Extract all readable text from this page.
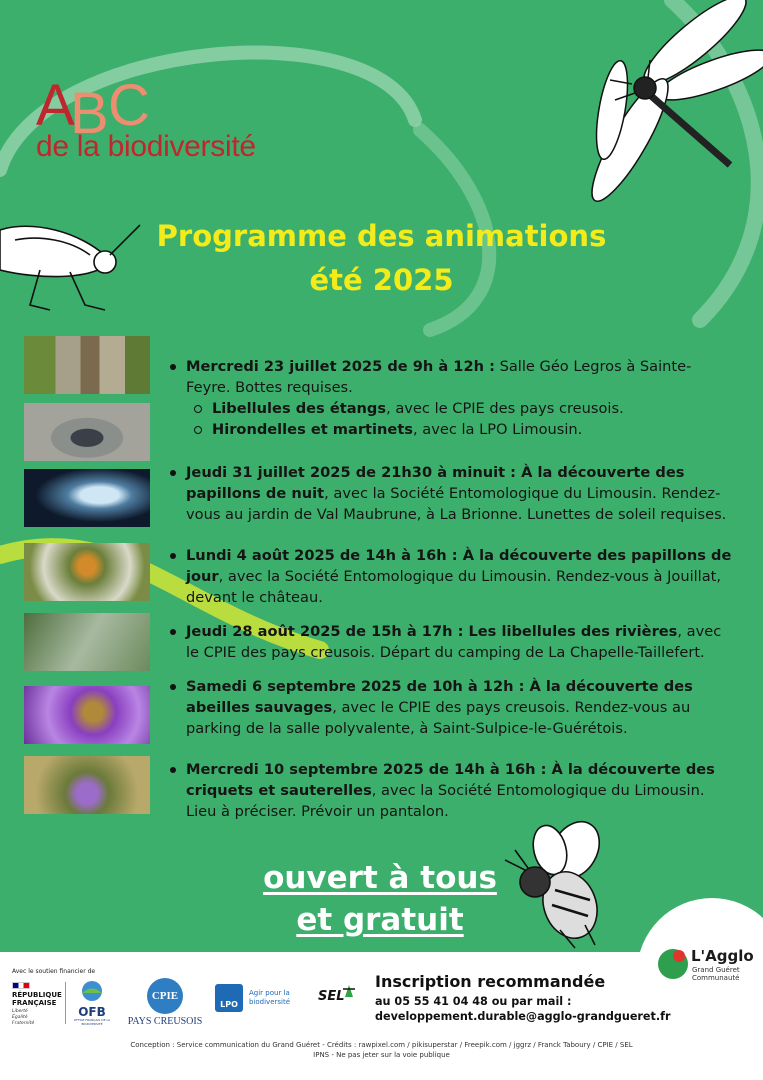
A
B C
de la biodiversité
Programme des animations
été 2025
Mercredi 23 juillet 2025 de 9h à 12h : Salle Géo Legros à Sainte-Feyre. Bottes requises.
Libellules des étangs, avec le CPIE des pays creusois.
Hirondelles et martinets, avec la LPO Limousin.
Jeudi 31 juillet 2025 de 21h30 à minuit : À la découverte des papillons de nuit, avec la Société Entomologique du Limousin. Rendez-vous au jardin de Val Maubrune, à La Brionne. Lunettes de soleil requises.
Lundi 4 août 2025 de 14h à 16h : À la découverte des papillons de jour, avec la Société Entomologique du Limousin. Rendez-vous à Jouillat, devant le château.
Jeudi 28 août 2025 de 15h à 17h : Les libellules des rivières, avec le CPIE des pays creusois. Départ du camping de La Chapelle-Taillefert.
Samedi 6 septembre 2025 de 10h à 12h : À la découverte des abeilles sauvages, avec le CPIE des pays creusois. Rendez-vous au parking de la salle polyvalente, à Saint-Sulpice-le-Guérétois.
Mercredi 10 septembre 2025 de 14h à 16h : À la découverte des criquets et sauterelles, avec la Société Entomologique du Limousin. Lieu à préciser. Prévoir un pantalon.
ouvert à tous
et gratuit
L'Agglo
Grand Guéret
Communauté
Avec le soutien financier de
RÉPUBLIQUE FRANÇAISE
Liberté Égalité Fraternité
OFB
OFFICE FRANÇAIS DE LA BIODIVERSITÉ
CPIE
PAYS CREUSOIS
LPO
Agir pour la biodiversité	SEL
Inscription recommandée
au 05 55 41 04 48 ou par mail :
developpement.durable@agglo-grandgueret.fr
Conception : Service communication du Grand Guéret - Crédits : rawpixel.com / pikisuperstar / Freepik.com / jggrz / Franck Taboury / CPIE / SEL
IPNS - Ne pas jeter sur la voie publique
